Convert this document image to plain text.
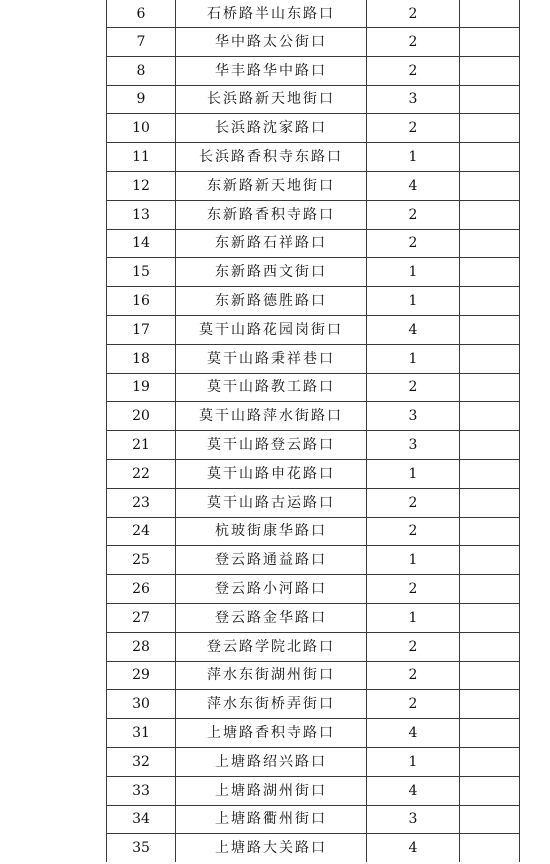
6	石桥路半山东路口	2	
7	华中路太公街口	2	
8	华丰路华中路口	2	
9	长浜路新天地街口	3	
10	长浜路沈家路口	2	
11	长浜路香积寺东路口	1	
12	东新路新天地街口	4	
13	东新路香积寺路口	2	
14	东新路石祥路口	2	
15	东新路西文街口	1	
16	东新路德胜路口	1	
17	莫干山路花园岗街口	4	
18	莫干山路秉祥巷口	1	
19	莫干山路教工路口	2	
20	莫干山路萍水街路口	3	
21	莫干山路登云路口	3	
22	莫干山路申花路口	1	
23	莫干山路古运路口	2	
24	杭玻街康华路口	2	
25	登云路通益路口	1	
26	登云路小河路口	2	
27	登云路金华路口	1	
28	登云路学院北路口	2	
29	萍水东街湖州街口	2	
30	萍水东街桥弄街口	2	
31	上塘路香积寺路口	4	
32	上塘路绍兴路口	1	
33	上塘路湖州街口	4	
34	上塘路衢州街口	3	
35	上塘路大关路口	4	
